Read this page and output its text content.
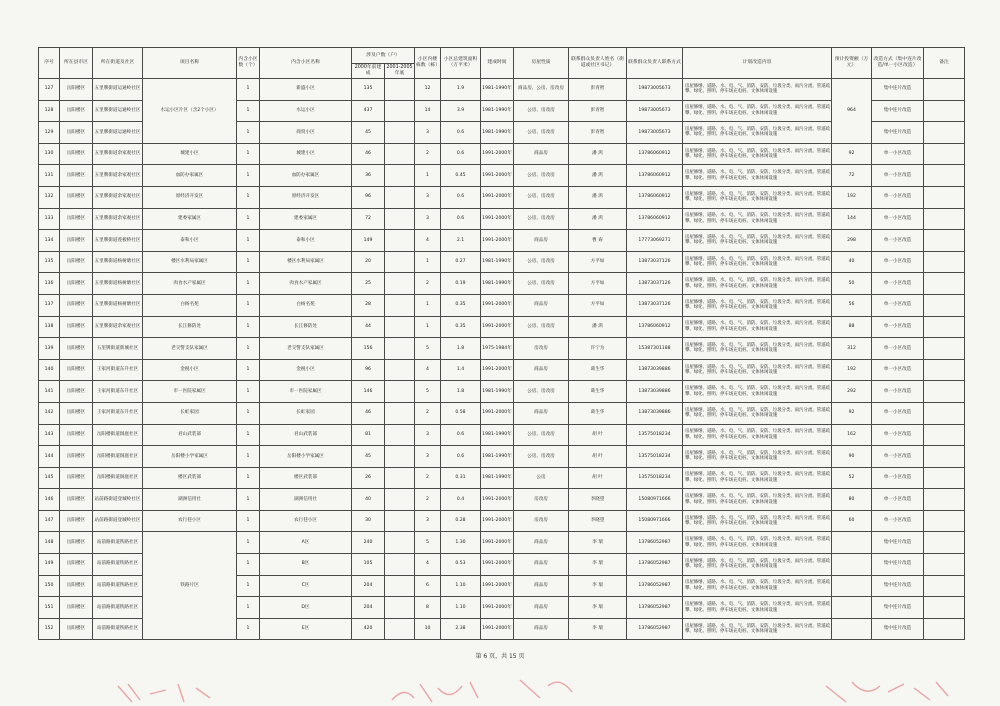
序号	所在县市区	所在街道及社区	项目名称	内含小区数（个）	内含小区名称	涉及户数（户）		小区内楼栋数（栋）	小区总建筑面积（万平米）	建成时间	房屋性质	联系群众负责人姓名（街道或社区书记）	联系群众负责人联系方式	计划改造内容	预计投资额（万元）	改造方式（集中连片改造/单一小区改造）	备注
						2000年前建成	2001-2005年底										
127	岳阳楼区	五里牌街道运通岭社区	水运小区片区（含2个小区）	1	新盛小区	135		12	1.9	1981-1990年	商品房、公房、房改房	彭青智	19873005673	房屋修缮、道路、水、电、气、消防、安防、垃圾分类、雨污分流、管道疏攀、绿化、照明、停车场充电桩、文体休闲设施	964	集中连片改造	
128	岳阳楼区	五里牌街道运通岭社区		1	水运小区	437		14	3.9	1981-1990年	公房、房改房	彭青智	19873005673	房屋修缮、道路、水、电、气、消防、安防、垃圾分类、雨污分流、管道疏攀、绿化、照明、停车场充电桩、文体休闲设施		集中连片改造	
129	岳阳楼区	五里牌街道运通岭社区		1	商贸小区	45		3	0.6	1981-1990年	公房、房改房	彭青智	19873005673	房屋修缮、道路、水、电、气、消防、安防、垃圾分类、雨污分流、管道疏攀、绿化、照明、停车场充电桩、文体休闲设施		集中连片改造	
130	岳阳楼区	五里牌街道余家观社区	城建小区	1	城建小区	46		2	0.6	1991-2000年	商品房	潘 鸿	13786060912	房屋修缮、道路、水、电、气、消防、安防、垃圾分类、雨污分流、管道疏攀、绿化、照明、停车场充电桩、文体休闲设施	92	单一小区改造	
131	岳阳楼区	五里牌街道余家观社区	血防办家属区	1	血防办家属区	36		1	0.45	1991-2000年	公房、房改房	潘 鸿	13786060912	房屋修缮、道路、水、电、气、消防、安防、垃圾分类、雨污分流、管道疏攀、绿化、照明、停车场充电桩、文体休闲设施	72	单一小区改造	
132	岳阳楼区	五里牌街道余家观社区	原经济开发区	1	原经济开发区	96		3	0.6	1991-2000年	公房、房改房	潘 鸿	13786060912	房屋修缮、道路、水、电、气、消防、安防、垃圾分类、雨污分流、管道疏攀、绿化、照明、停车场充电桩、文体休闲设施	192	单一小区改造	
133	岳阳楼区	五里牌街道余家观社区	建委家属区	1	建委家属区	72		3	0.6	1991-2000年	公房、房改房	潘 鸿	13786060912	房屋修缮、道路、水、电、气、消防、安防、垃圾分类、雨污分流、管道疏攀、绿化、照明、停车场充电桩、文体休闲设施	144	单一小区改造	
134	岳阳楼区	五里牌街道莲板桥社区	泰和小区	1	泰和小区	149		4	2.1	1991-2000年	商品房	曹 孬	17773069271	房屋修缮、道路、水、电、气、消防、安防、垃圾分类、雨污分流、管道疏攀、绿化、照明、停车场充电桩、文体休闲设施	298	单一小区改造	
135	岳阳楼区	五里牌街道杨树塘社区	楼区水利局家属区	1	楼区水利局家属区	20		1	0.27	1981-1990年	公房、房改房	方平如	13873037126	房屋修缮、道路、水、电、气、消防、安防、垃圾分类、雨污分流、管道疏攀、绿化、照明、停车场充电桩、文体休闲设施	40	单一小区改造	
136	岳阳楼区	五里牌街道杨树塘社区	肉食水产家属区	1	肉食水产家属区	25		2	0.19	1981-1990年	公房、房改房	方平如	13873037126	房屋修缮、道路、水、电、气、消防、安防、垃圾分类、雨污分流、管道疏攀、绿化、照明、停车场充电桩、文体休闲设施	50	单一小区改造	
137	岳阳楼区	五里牌街道杨树塘社区	白杨名苑	1	白杨名苑	28		1	0.35	1991-2000年	商品房	方平如	13873037126	房屋修缮、道路、水、电、气、消防、安防、垃圾分类、雨污分流、管道疏攀、绿化、照明、停车场充电桩、文体休闲设施	56	单一小区改造	
138	岳阳楼区	五里牌街道余家观社区	长江修防处	1	长江修防处	44		1	0.35	1991-2000年	公房、房改房	潘 鸿	13786060912	房屋修缮、道路、水、电、气、消防、安防、垃圾分类、雨污分流、管道疏攀、绿化、照明、停车场充电桩、文体休闲设施	88	单一小区改造	
139	岳阳楼区	五里牌街道新城社区	老交警支队家属区	1	老交警支队家属区	156		5	1.8	1975-1984年	房改房	许宁为	15387301188	房屋修缮、道路、水、电、气、消防、安防、垃圾分类、雨污分流、管道疏攀、绿化、照明、停车场充电桩、文体休闲设施	312	单一小区改造	
140	岳阳楼区	王家河街道东升社区	金税小区	1	金税小区	96		4	1.4	1991-2000年	商品房	葛生华	13873039886	房屋修缮、道路、水、电、气、消防、安防、垃圾分类、雨污分流、管道疏攀、绿化、照明、停车场充电桩、文体休闲设施	192	单一小区改造	
141	岳阳楼区	王家河街道东升社区	市一医院家属区	1	市一医院家属区	146		5	1.8	1981-1990年	公房、房改房	葛生华	13873039886	房屋修缮、道路、水、电、气、消防、安防、垃圾分类、雨污分流、管道疏攀、绿化、照明、停车场充电桩、文体休闲设施	292	单一小区改造	
142	岳阳楼区	王家河街道东升社区	长虹家园	1	长虹家园	46		2	0.58	1991-2000年	商品房	葛生华	13873039886	房屋修缮、道路、水、电、气、消防、安防、垃圾分类、雨污分流、管道疏攀、绿化、照明、停车场充电桩、文体休闲设施	92	单一小区改造	
143	岳阳楼区	岳阳楼街道洞庭社区	君山武装部	1	君山武装部	81		3	0.6	1981-1990年	公房、房改房	胡 叶	13575018234	房屋修缮、道路、水、电、气、消防、安防、垃圾分类、雨污分流、管道疏攀、绿化、照明、停车场充电桩、文体休闲设施	162	单一小区改造	
144	岳阳楼区	岳阳楼街道洞庭社区	岳阳楼小学家属区	1	岳阳楼小学家属区	45		3	0.6	1981-1990年	公房、房改房	胡 叶	13575018234	房屋修缮、道路、水、电、气、消防、安防、垃圾分类、雨污分流、管道疏攀、绿化、照明、停车场充电桩、文体休闲设施	90	单一小区改造	
145	岳阳楼区	岳阳楼街道洞庭社区	楼区武装部	1	楼区武装部	26		2	0.31	1981-1990年	公房	胡 叶	13575018234	房屋修缮、道路、水、电、气、消防、安防、垃圾分类、雨污分流、管道疏攀、绿化、照明、停车场充电桩、文体休闲设施	52	单一小区改造	
146	岳阳楼区	站前路街道登城岭社区	湖洲信用社	1	湖洲信用社	40		2	0.4	1991-2000年	房改房	李晓望	15080971666	房屋修缮、道路、水、电、气、消防、安防、垃圾分类、雨污分流、管道疏攀、绿化、照明、停车场充电桩、文体休闲设施	80	单一小区改造	
147	岳阳楼区	站前路街道登城岭社区	农行巷小区	1	农行巷小区	30		3	0.28	1991-2000年	房改房	李晓望	15080971666	房屋修缮、道路、水、电、气、消防、安防、垃圾分类、雨污分流、管道疏攀、绿化、照明、停车场充电桩、文体休闲设施	60	单一小区改造	
148	岳阳楼区	站前路街道铁路社区	铁路片区	1	A区	240		5	1.30	1991-2000年	商品房	李 瑞	13786052987	房屋修缮、道路、水、电、气、消防、安防、垃圾分类、雨污分流、管道疏攀、绿化、照明、停车场充电桩、文体休闲设施		集中连片改造	
149	岳阳楼区	站前路街道铁路社区		1	B区	105		4	0.53	1991-2000年	商品房	李 瑞	13786052987	房屋修缮、道路、水、电、气、消防、安防、垃圾分类、雨污分流、管道疏攀、绿化、照明、停车场充电桩、文体休闲设施		集中连片改造	
150	岳阳楼区	站前路街道铁路社区		1	C区	204		6	1.10	1991-2000年	商品房	李 瑞	13786052987	房屋修缮、道路、水、电、气、消防、安防、垃圾分类、雨污分流、管道疏攀、绿化、照明、停车场充电桩、文体休闲设施		集中连片改造	
151	岳阳楼区	站前路街道铁路社区		1	D区	204		8	1.10	1991-2000年	商品房	李 瑞	13786052987	房屋修缮、道路、水、电、气、消防、安防、垃圾分类、雨污分流、管道疏攀、绿化、照明、停车场充电桩、文体休闲设施		集中连片改造	
152	岳阳楼区	站前路街道铁路社区		1	E区	420		10	2.38	1991-2000年	商品房	李 瑞	13786052987	房屋修缮、道路、水、电、气、消防、安防、垃圾分类、雨污分流、管道疏攀、绿化、照明、停车场充电桩、文体休闲设施		集中连片改造	
第 6 页，共 15 页
